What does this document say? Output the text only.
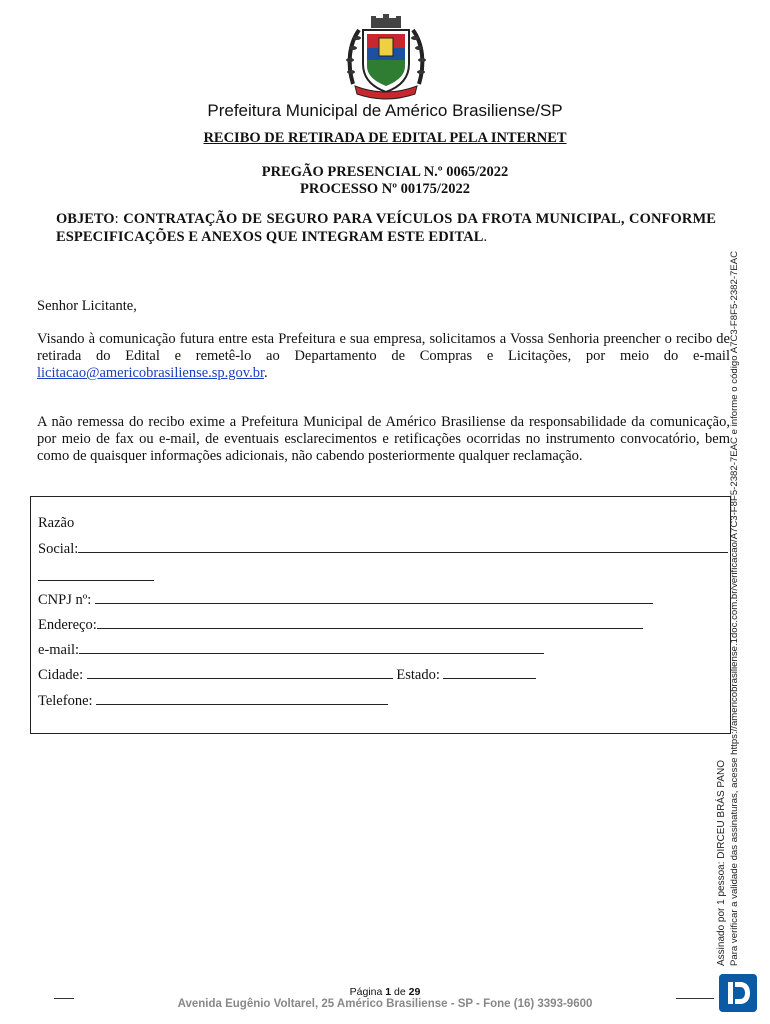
Prefeitura Municipal de Américo Brasiliense/SP
RECIBO DE RETIRADA DE EDITAL PELA INTERNET
PREGÃO PRESENCIAL N.º 0065/2022
PROCESSO Nº 00175/2022
OBJETO: CONTRATAÇÃO DE SEGURO PARA VEÍCULOS DA FROTA MUNICIPAL, CONFORME ESPECIFICAÇÕES E ANEXOS QUE INTEGRAM ESTE EDITAL.
Senhor Licitante,
Visando à comunicação futura entre esta Prefeitura e sua empresa, solicitamos a Vossa Senhoria preencher o recibo de retirada do Edital e remetê-lo ao Departamento de Compras e Licitações, por meio do e-mail licitacao@americobrasiliense.sp.gov.br.
A não remessa do recibo exime a Prefeitura Municipal de Américo Brasiliense da responsabilidade da comunicação, por meio de fax ou e-mail, de eventuais esclarecimentos e retificações ocorridas no instrumento convocatório, bem como de quaisquer informações adicionais, não cabendo posteriormente qualquer reclamação.
Razão
Social:
CNPJ nº:
Endereço:
e-mail:
Cidade:	Estado:
Telefone:
Assinado por 1 pessoa: DIRCEU BRÁS PANO Para verificar a validade das assinaturas, acesse https://americobrasiliense.1doc.com.br/verificacao/A7C3-F8F5-2382-7EAC e informe o código A7C3-F8F5-2382-7EAC
Página 1 de 29
Avenida Eugênio Voltarel, 25 Américo Brasiliense - SP - Fone (16) 3393-9600
